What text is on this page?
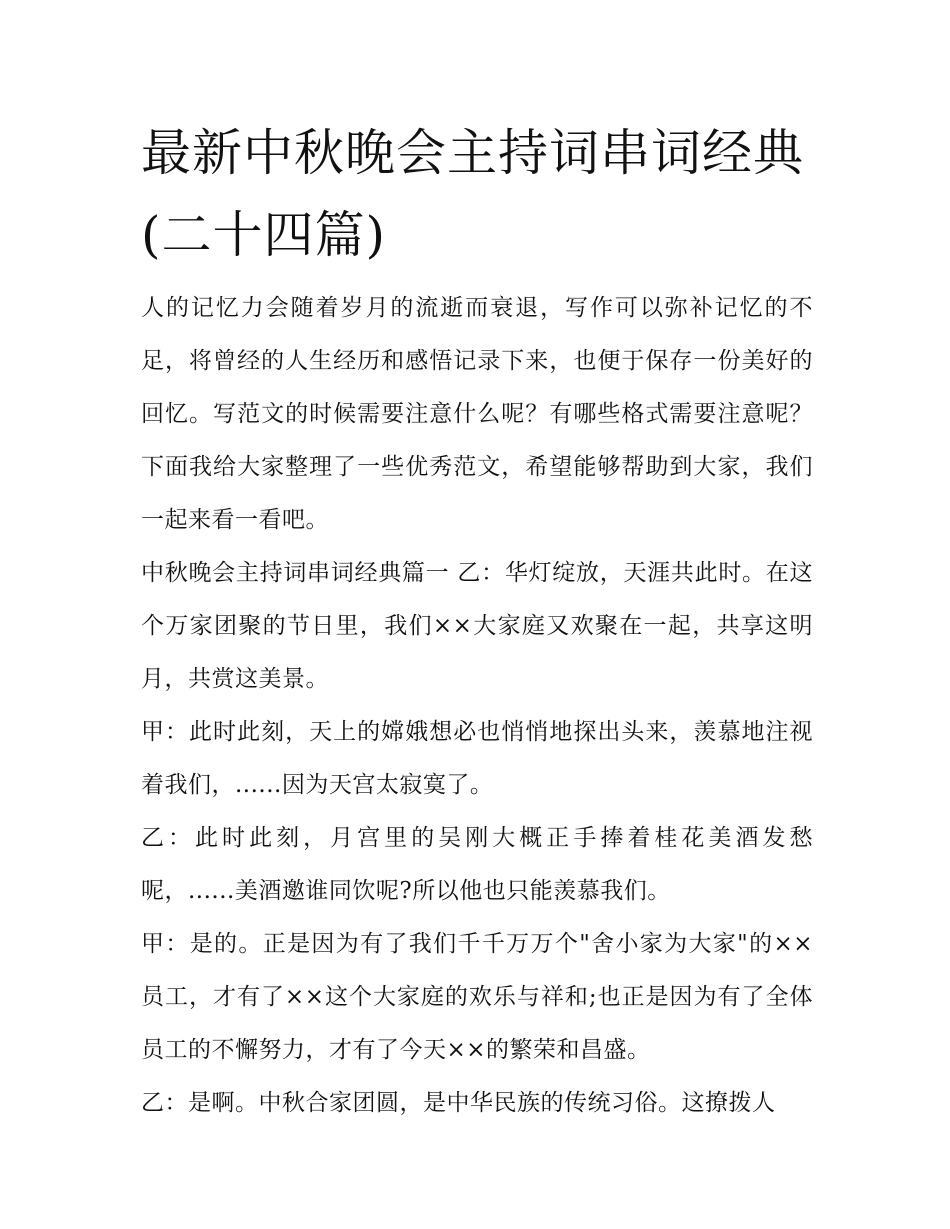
最新中秋晚会主持词串词经典
(二十四篇)

人的记忆力会随着岁月的流逝而衰退，写作可以弥补记忆的不足，将曾经的人生经历和感悟记录下来，也便于保存一份美好的回忆。写范文的时候需要注意什么呢？有哪些格式需要注意呢？下面我给大家整理了一些优秀范文，希望能够帮助到大家，我们一起来看一看吧。

中秋晚会主持词串词经典篇一 乙：华灯绽放，天涯共此时。在这个万家团聚的节日里，我们××大家庭又欢聚在一起，共享这明月，共赏这美景。

甲：此时此刻，天上的嫦娥想必也悄悄地探出头来，羡慕地注视着我们，......因为天宫太寂寞了。

乙：此时此刻，月宫里的吴刚大概正手捧着桂花美酒发愁呢，......美酒邀谁同饮呢?所以他也只能羡慕我们。

甲：是的。正是因为有了我们千千万万个"舍小家为大家"的××员工，才有了××这个大家庭的欢乐与祥和;也正是因为有了全体员工的不懈努力，才有了今天××的繁荣和昌盛。

乙：是啊。中秋合家团圆，是中华民族的传统习俗。这撩拨人
